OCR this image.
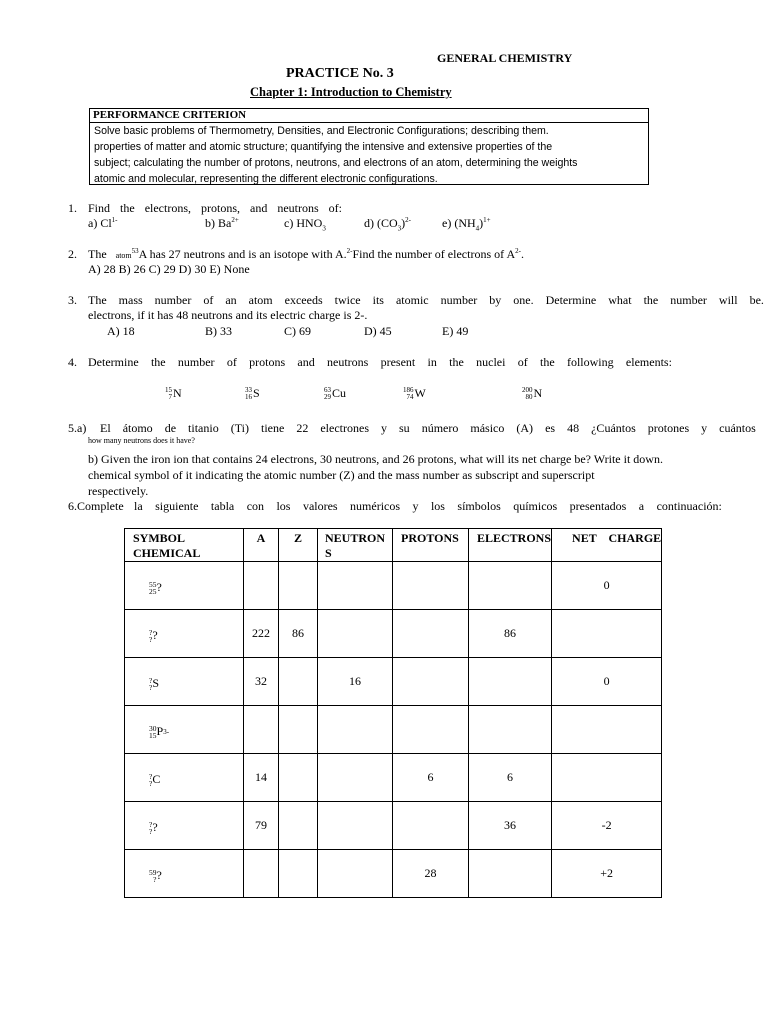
GENERAL CHEMISTRY
PRACTICE No. 3
Chapter 1: Introduction to Chemistry
PERFORMANCE CRITERION
Solve basic problems of Thermometry, Densities, and Electronic Configurations; describing them.
properties of matter and atomic structure; quantifying the intensive and extensive properties of the
subject; calculating the number of protons, neutrons, and electrons of an atom, determining the weights
atomic and molecular, representing the different electronic configurations.
1. Find the electrons, protons, and neutrons of:
a) $Cl^{1-}$	b) $Ba^{2+}$	c) $HNO_3$	d) $(CO_3)^{2-}$	e) $(NH_4)^{1+}$
2. The atom$^{53}$A has 27 neutrons and is an isotope with A.$^{2-}$Find the number of electrons of $A^{2-}$.
A) 28 B) 26 C) 29 D) 30 E) None
3. The mass number of an atom exceeds twice its atomic number by one. Determine what the number will be.
electrons, if it has 48 neutrons and its electric charge is 2-.
A) 18	B) 33	C) 69	D) 45	E) 49
4. Determine the number of protons and neutrons present in the nuclei of the following elements:
15
7 N	33
16 S	63
29 Cu	186
74 W	200
80 N
5.a) El átomo de titanio (Ti) tiene 22 electrones y su número másico (A) es 48 ¿Cuántos protones y cuántos
how many neutrons does it have?
b) Given the iron ion that contains 24 electrons, 30 neutrons, and 26 protons, what will its net charge be? Write it down.
chemical symbol of it indicating the atomic number (Z) and the mass number as subscript and superscript
respectively.
6.Complete la siguiente tabla con los valores numéricos y los símbolos químicos presentados a continuación:
SYMBOL CHEMICAL	A	Z	NEUTRON S	PROTONS	ELECTRONS	NET    CHARGE

55
25 ?						0

?
? ?	222	86			86	

?
? S	32		16			0

30
15 P 3-						

?
? C	14			6	6	

?
? ?	79				36	-2

59
? ?				28		+2
